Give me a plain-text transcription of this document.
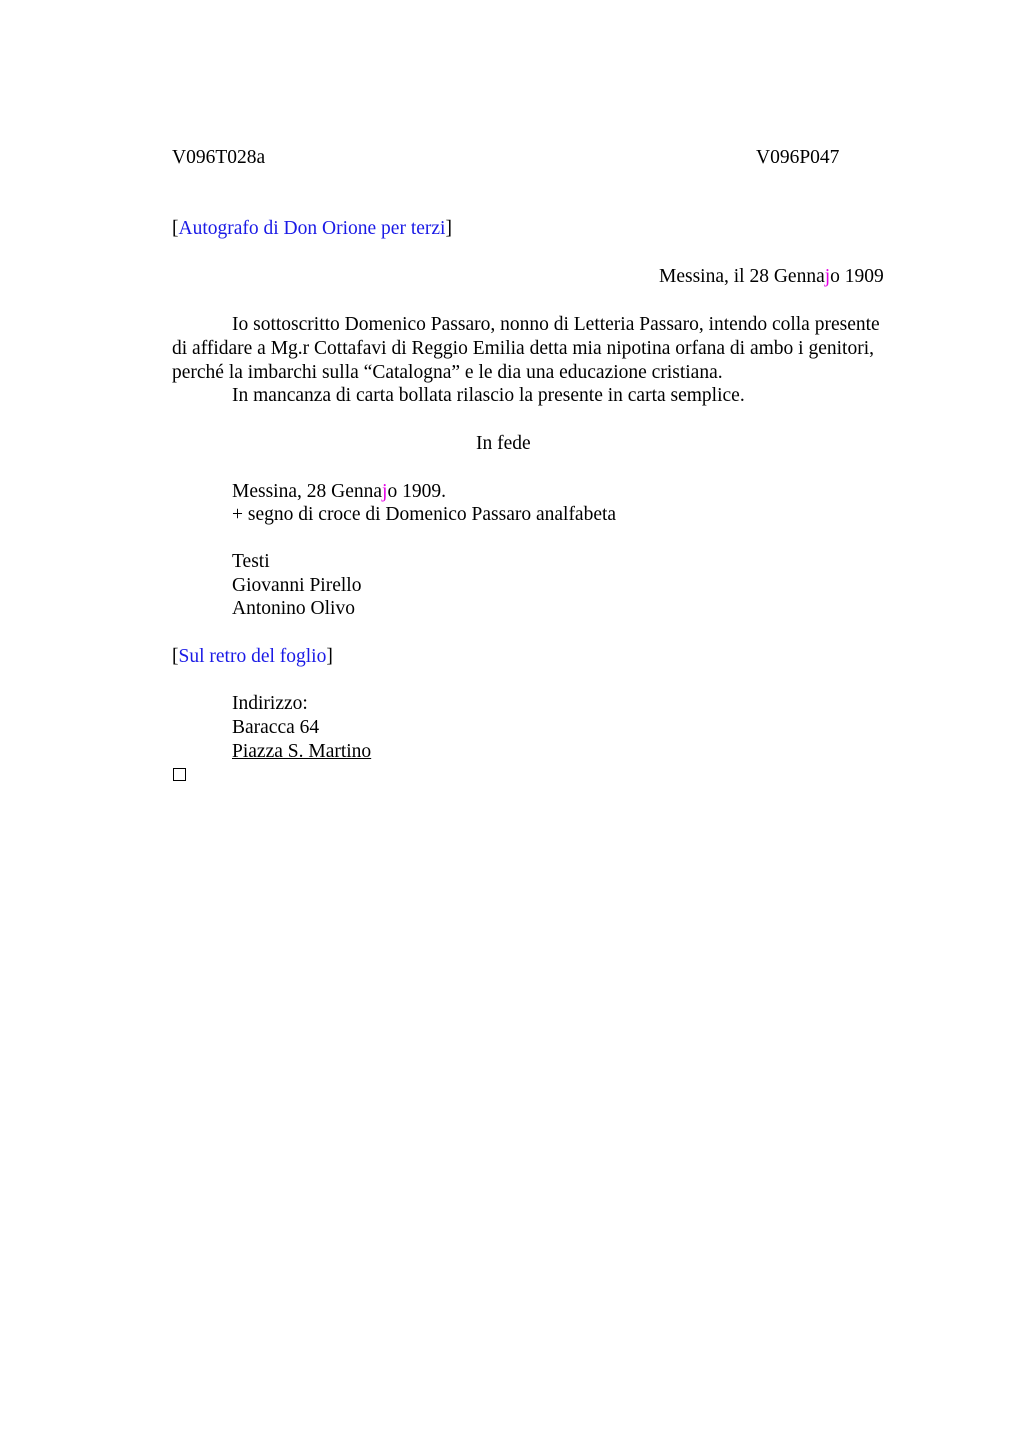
V096T028a	V096P047
[Autografo di Don Orione per terzi]
Messina, il 28 Gennajo 1909
Io sottoscritto Domenico Passaro, nonno di Letteria Passaro, intendo colla presente
di affidare a Mg.r Cottafavi di Reggio Emilia detta mia nipotina orfana di ambo i genitori,
perché la imbarchi sulla “Catalogna” e le dia una educazione cristiana.
In mancanza di carta bollata rilascio la presente in carta semplice.
In fede
Messina, 28 Gennajo 1909.
+ segno di croce di Domenico Passaro analfabeta
Testi
Giovanni Pirello
Antonino Olivo
[Sul retro del foglio]
Indirizzo:
Baracca 64
Piazza S. Martino
